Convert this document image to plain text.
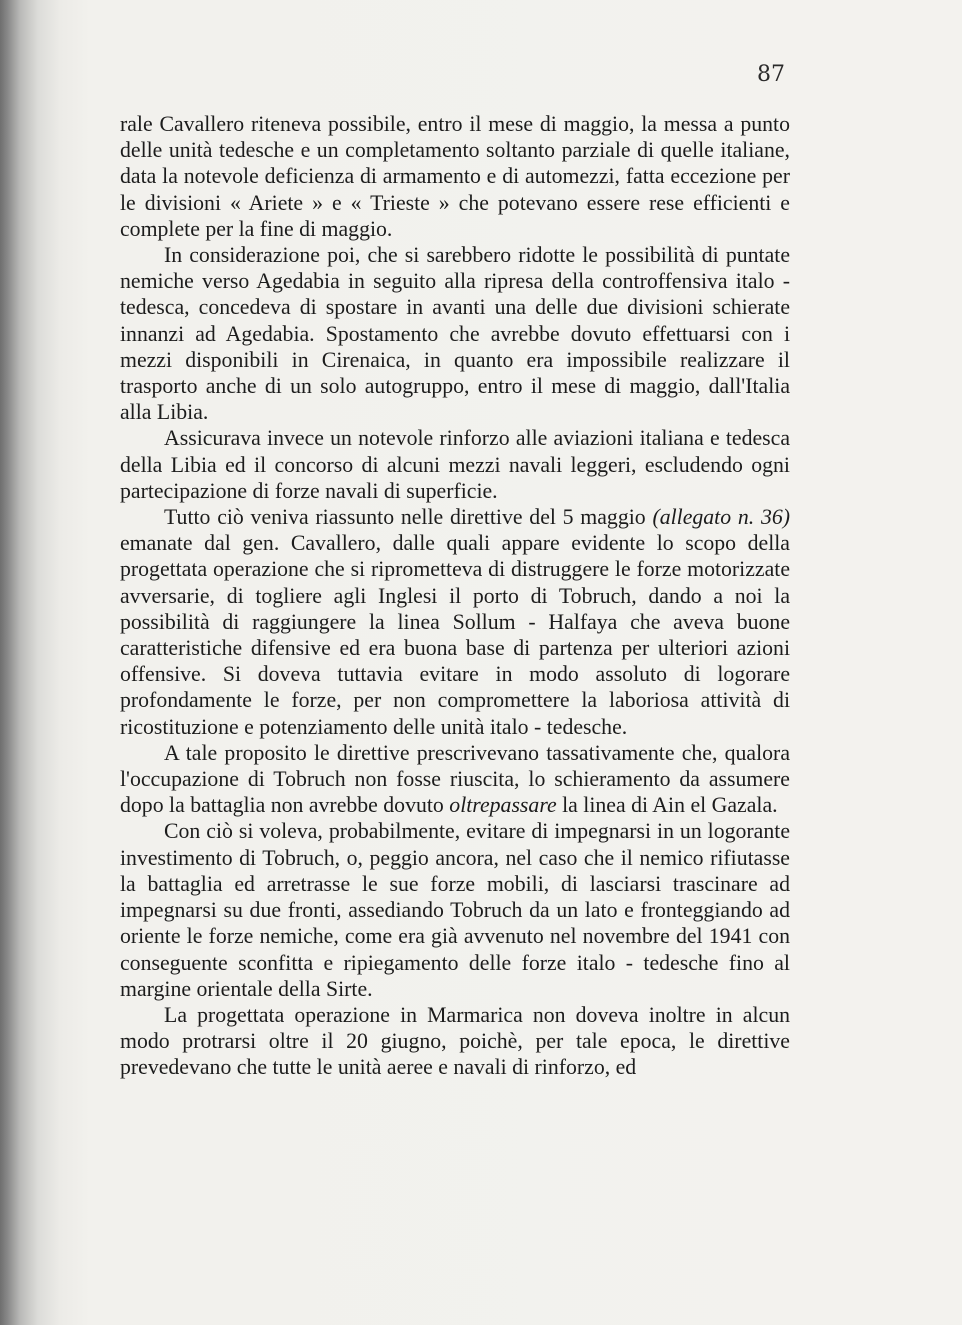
87

rale Cavallero riteneva possibile, entro il mese di maggio, la messa a punto delle unità tedesche e un completamento soltanto parziale di quelle italiane, data la notevole deficienza di armamento e di automezzi, fatta eccezione per le divisioni « Ariete » e « Trieste » che potevano essere rese efficienti e complete per la fine di maggio.

In considerazione poi, che si sarebbero ridotte le possibilità di puntate nemiche verso Agedabia in seguito alla ripresa della controffensiva italo - tedesca, concedeva di spostare in avanti una delle due divisioni schierate innanzi ad Agedabia. Spostamento che avrebbe dovuto effettuarsi con i mezzi disponibili in Cirenaica, in quanto era impossibile realizzare il trasporto anche di un solo autogruppo, entro il mese di maggio, dall'Italia alla Libia.

Assicurava invece un notevole rinforzo alle aviazioni italiana e tedesca della Libia ed il concorso di alcuni mezzi navali leggeri, escludendo ogni partecipazione di forze navali di superficie.

Tutto ciò veniva riassunto nelle direttive del 5 maggio (allegato n. 36) emanate dal gen. Cavallero, dalle quali appare evidente lo scopo della progettata operazione che si riprometteva di distruggere le forze motorizzate avversarie, di togliere agli Inglesi il porto di Tobruch, dando a noi la possibilità di raggiungere la linea Sollum - Halfaya che aveva buone caratteristiche difensive ed era buona base di partenza per ulteriori azioni offensive. Si doveva tuttavia evitare in modo assoluto di logorare profondamente le forze, per non compromettere la laboriosa attività di ricostituzione e potenziamento delle unità italo - tedesche.

A tale proposito le direttive prescrivevano tassativamente che, qualora l'occupazione di Tobruch non fosse riuscita, lo schieramento da assumere dopo la battaglia non avrebbe dovuto oltrepassare la linea di Ain el Gazala.

Con ciò si voleva, probabilmente, evitare di impegnarsi in un logorante investimento di Tobruch, o, peggio ancora, nel caso che il nemico rifiutasse la battaglia ed arretrasse le sue forze mobili, di lasciarsi trascinare ad impegnarsi su due fronti, assediando Tobruch da un lato e fronteggiando ad oriente le forze nemiche, come era già avvenuto nel novembre del 1941 con conseguente sconfitta e ripiegamento delle forze italo - tedesche fino al margine orientale della Sirte.

La progettata operazione in Marmarica non doveva inoltre in alcun modo protrarsi oltre il 20 giugno, poichè, per tale epoca, le direttive prevedevano che tutte le unità aeree e navali di rinforzo, ed
